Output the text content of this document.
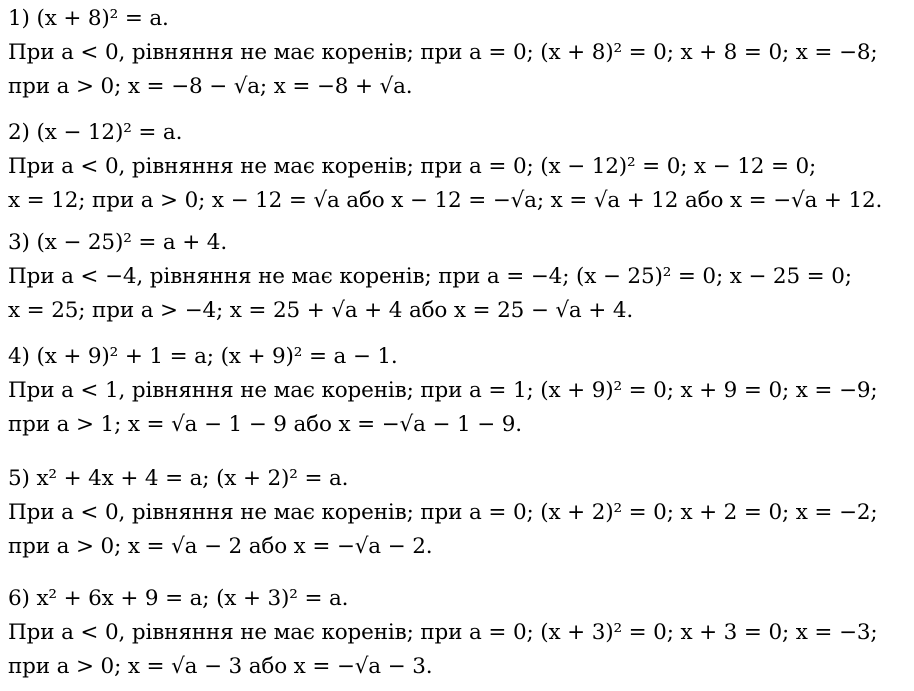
1) (x + 8)² = a.
При a < 0, рівняння не має коренів; при a = 0; (x + 8)² = 0; x + 8 = 0; x = −8;
при a > 0; x = −8 − √a; x = −8 + √a.
2) (x − 12)² = a.
При a < 0, рівняння не має коренів; при a = 0; (x − 12)² = 0; x − 12 = 0;
x = 12; при a > 0; x − 12 = √a або x − 12 = −√a; x = √a + 12 або x = −√a + 12.
3) (x − 25)² = a + 4.
При a < −4, рівняння не має коренів; при a = −4; (x − 25)² = 0; x − 25 = 0;
x = 25; при a > −4; x = 25 + √a + 4 або x = 25 − √a + 4.
4) (x + 9)² + 1 = a; (x + 9)² = a − 1.
При a < 1, рівняння не має коренів; при a = 1; (x + 9)² = 0; x + 9 = 0; x = −9;
при a > 1; x = √a − 1 − 9 або x = −√a − 1 − 9.
5) x² + 4x + 4 = a; (x + 2)² = a.
При a < 0, рівняння не має коренів; при a = 0; (x + 2)² = 0; x + 2 = 0; x = −2;
при a > 0; x = √a − 2 або x = −√a − 2.
6) x² + 6x + 9 = a; (x + 3)² = a.
При a < 0, рівняння не має коренів; при a = 0; (x + 3)² = 0; x + 3 = 0; x = −3;
при a > 0; x = √a − 3 або x = −√a − 3.
